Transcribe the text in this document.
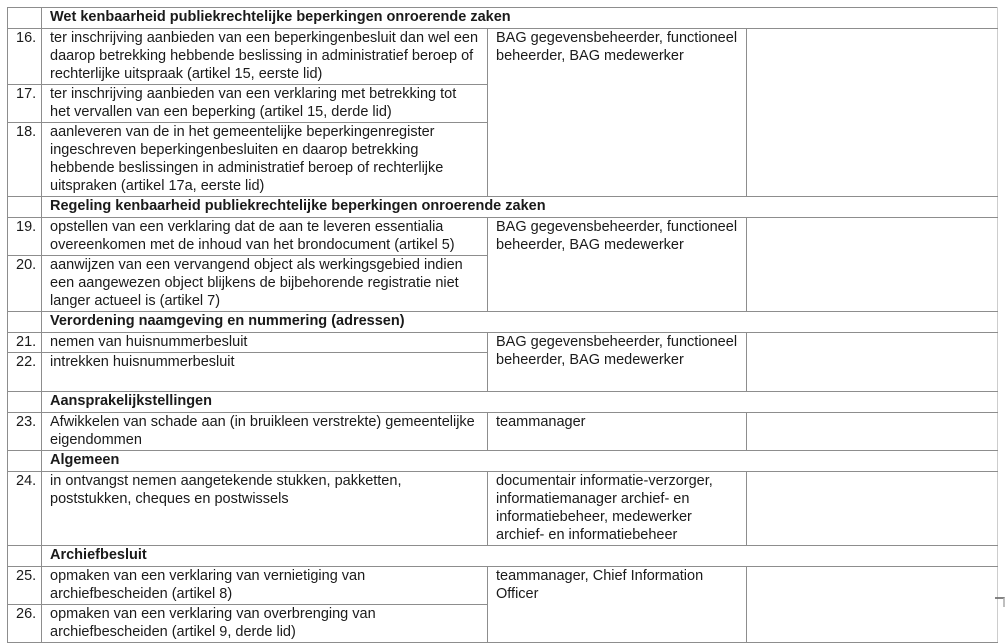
	Wet kenbaarheid publiekrechtelijke beperkingen onroerende zaken		
16.	ter inschrijving aanbieden van een beperkingenbesluit dan wel een daarop betrekking hebbende beslissing in administratief beroep of rechterlijke uitspraak (artikel 15, eerste lid)	BAG gegevensbeheerder, functioneel beheerder, BAG medewerker	
17.	ter inschrijving aanbieden van een verklaring met betrekking tot het vervallen van een beperking (artikel 15, derde lid)		
18.	aanleveren van de in het gemeentelijke beperkingenregister ingeschreven beperkingenbesluiten en daarop betrekking hebbende beslissingen in administratief beroep of rechterlijke uitspraken (artikel 17a, eerste lid)		
	Regeling kenbaarheid publiekrechtelijke beperkingen onroerende zaken		
19.	opstellen van een verklaring dat de aan te leveren essentialia overeenkomen met de inhoud van het brondocument (artikel 5)	BAG gegevensbeheerder, functioneel beheerder, BAG medewerker	
20.	aanwijzen van een vervangend object als werkingsgebied indien een aangewezen object blijkens de bijbehorende registratie niet langer actueel is (artikel 7)		
	Verordening naamgeving en nummering (adressen)		
21.	nemen van huisnummerbesluit	BAG gegevensbeheerder, functioneel beheerder, BAG medewerker	
22.	intrekken huisnummerbesluit		
	Aansprakelijkstellingen		
23.	Afwikkelen van schade aan (in bruikleen verstrekte) gemeentelijke eigendommen	teammanager	
	Algemeen		
24.	in ontvangst nemen aangetekende stukken, pakketten, poststukken, cheques en postwissels	documentair informatie-verzorger, informatiemanager archief- en informatiebeheer, medewerker archief- en informatiebeheer	
	Archiefbesluit		
25.	opmaken van een verklaring van vernietiging van archiefbescheiden (artikel 8)	teammanager, Chief Information Officer	
26.	opmaken van een verklaring van overbrenging van archiefbescheiden (artikel 9, derde lid)		
